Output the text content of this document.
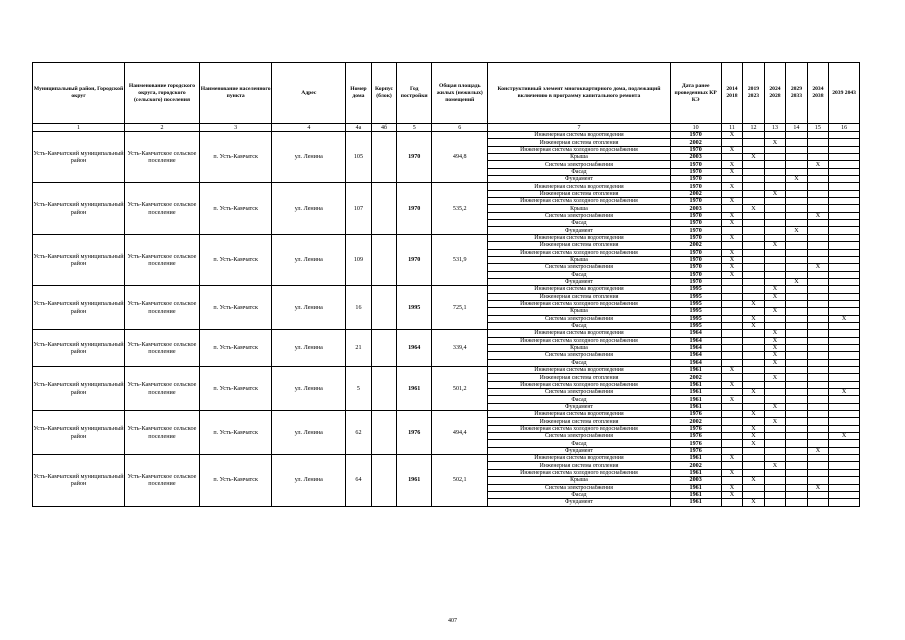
Муниципальный район, Городской округ	Наименование городского округа, городского (сельского) поселения	Наименование населенного пункта	Адрес	Номер дома	Корпус (блок)	Год постройки	Общая площадь жилых (нежилых) помещений	Конструктивный элемент многоквартирного дома, подлежащий включению в программу капитального ремонта	Дата ранее проведенных КР КЭ	2014 2018	2019 2023	2024 2028	2029 2033	2034 2038	2039 2043
1	2	3	4	4а	4б	5	6	7	10	11	12	13	14	15	16
Усть-Камчатский муниципальный район	Усть-Камчатское сельское поселение	п. Усть-Камчатск	ул. Ленина	105		1970	494,8	Инженерная система водоотведения	1970	X					
								Инженерная система отопления	2002			X			
								Инженерная система холодного водоснабжения	1970	X					
								Крыша	2003		X				
								Система электроснабжения	1970	X				X	
								Фасад	1970	X					
								Фундамент	1970				X		
Усть-Камчатский муниципальный район	Усть-Камчатское сельское поселение	п. Усть-Камчатск	ул. Ленина	107		1970	535,2	Инженерная система водоотведения	1970	X					
								Инженерная система отопления	2002			X			
								Инженерная система холодного водоснабжения	1970	X					
								Крыша	2003		X				
								Система электроснабжения	1970	X				X	
								Фасад	1970	X					
								Фундамент	1970				X		
Усть-Камчатский муниципальный район	Усть-Камчатское сельское поселение	п. Усть-Камчатск	ул. Ленина	109		1970	531,9	Инженерная система водоотведения	1970	X					
								Инженерная система отопления	2002			X			
								Инженерная система холодного водоснабжения	1970	X					
								Крыша	1970	X					
								Система электроснабжения	1970	X				X	
								Фасад	1970	X					
								Фундамент	1970				X		
Усть-Камчатский муниципальный район	Усть-Камчатское сельское поселение	п. Усть-Камчатск	ул. Ленина	16		1995	725,1	Инженерная система водоотведения	1995			X			
								Инженерная система отопления	1995			X			
								Инженерная система холодного водоснабжения	1995		X				
								Крыша	1995			X			
								Система электроснабжения	1995		X				X
								Фасад	1995		X				
Усть-Камчатский муниципальный район	Усть-Камчатское сельское поселение	п. Усть-Камчатск	ул. Ленина	21		1964	339,4	Инженерная система водоотведения	1964			X			
								Инженерная система холодного водоснабжения	1964			X			
								Крыша	1964			X			
								Система электроснабжения	1964			X			
								Фасад	1964			X			
Усть-Камчатский муниципальный район	Усть-Камчатское сельское поселение	п. Усть-Камчатск	ул. Ленина	5		1961	501,2	Инженерная система водоотведения	1961	X					
								Инженерная система отопления	2002			X			
								Инженерная система холодного водоснабжения	1961	X					
								Система электроснабжения	1961		X				X
								Фасад	1961	X					
								Фундамент	1961			X			
Усть-Камчатский муниципальный район	Усть-Камчатское сельское поселение	п. Усть-Камчатск	ул. Ленина	62		1976	494,4	Инженерная система водоотведения	1976		X				
								Инженерная система отопления	2002			X			
								Инженерная система холодного водоснабжения	1976		X				
								Система электроснабжения	1976		X				X
								Фасад	1976		X				
								Фундамент	1976					X	
Усть-Камчатский муниципальный район	Усть-Камчатское сельское поселение	п. Усть-Камчатск	ул. Ленина	64		1961	502,1	Инженерная система водоотведения	1961	X					
								Инженерная система отопления	2002			X			
								Инженерная система холодного водоснабжения	1961	X					
								Крыша	2003		X				
								Система электроснабжения	1961	X				X	
								Фасад	1961	X					
								Фундамент	1961		X				
407
